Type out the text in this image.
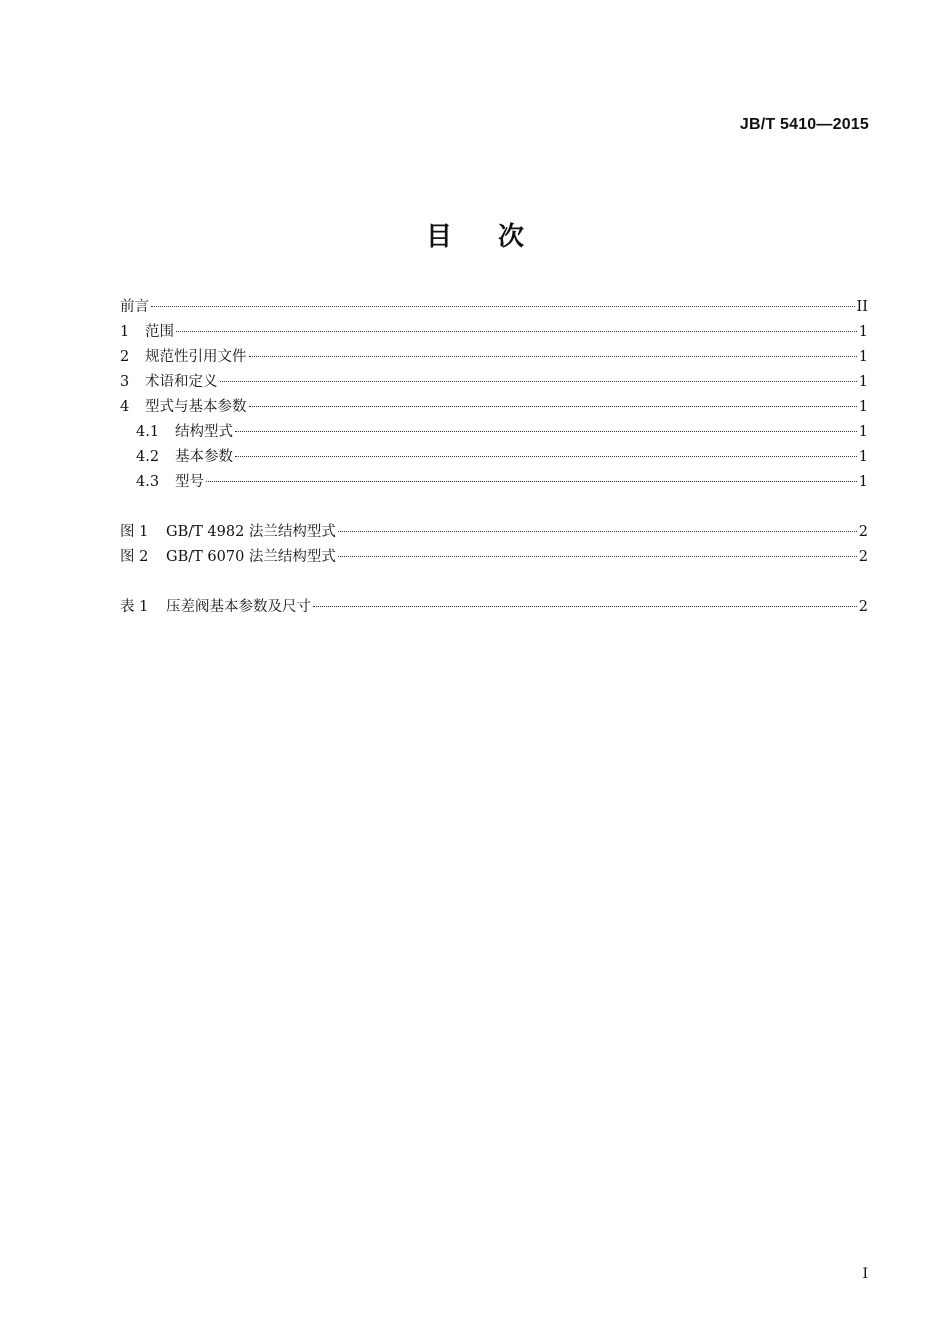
JB/T 5410—2015
目次
前言	II
1	范围	1
2	规范性引用文件	1
3	术语和定义	1
4	型式与基本参数	1
4.1	结构型式	1
4.2	基本参数	1
4.3	型号	1
图 1	GB/T 4982 法兰结构型式	2
图 2	GB/T 6070 法兰结构型式	2
表 1	压差阀基本参数及尺寸	2
I
